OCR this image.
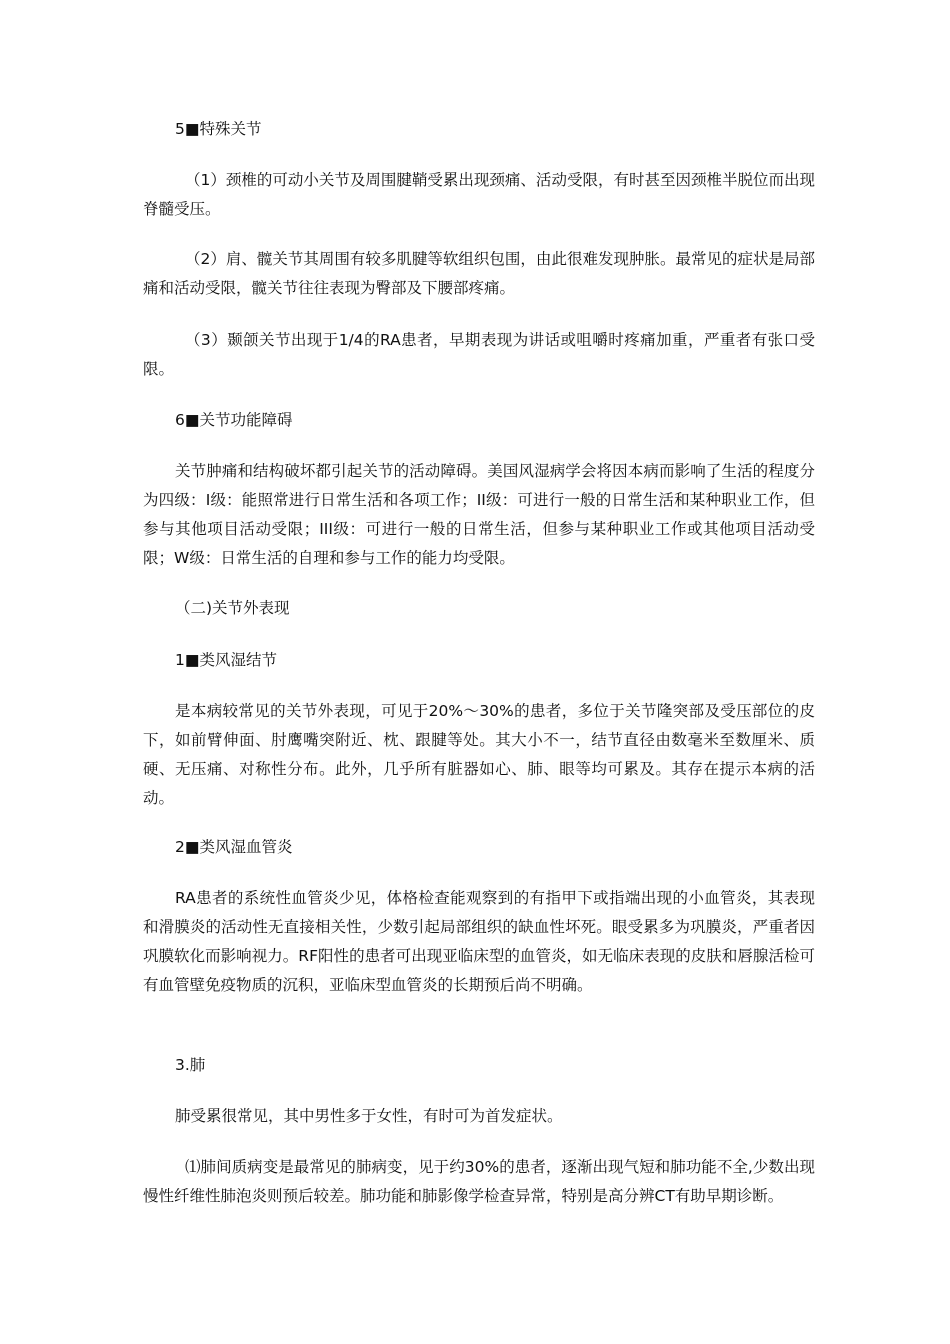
5■特殊关节

（1）颈椎的可动小关节及周围腱鞘受累出现颈痛、活动受限，有时甚至因颈椎半脱位而出现脊髓受压。

（2）肩、髋关节其周围有较多肌腱等软组织包围，由此很难发现肿胀。最常见的症状是局部痛和活动受限，髋关节往往表现为臀部及下腰部疼痛。

（3）颞颌关节出现于1/4的RA患者，早期表现为讲话或咀嚼时疼痛加重，严重者有张口受限。

6■关节功能障碍

关节肿痛和结构破坏都引起关节的活动障碍。美国风湿病学会将因本病而影响了生活的程度分为四级：I级：能照常进行日常生活和各项工作；II级：可进行一般的日常生活和某种职业工作，但参与其他项目活动受限；III级：可进行一般的日常生活，但参与某种职业工作或其他项目活动受限；W级：日常生活的自理和参与工作的能力均受限。

（二)关节外表现

1■类风湿结节

是本病较常见的关节外表现，可见于20%〜30%的患者，多位于关节隆突部及受压部位的皮下，如前臂伸面、肘鹰嘴突附近、枕、跟腱等处。其大小不一，结节直径由数毫米至数厘米、质硬、无压痛、对称性分布。此外，几乎所有脏器如心、肺、眼等均可累及。其存在提示本病的活动。

2■类风湿血管炎

RA患者的系统性血管炎少见，体格检查能观察到的有指甲下或指端出现的小血管炎，其表现和滑膜炎的活动性无直接相关性，少数引起局部组织的缺血性坏死。眼受累多为巩膜炎，严重者因巩膜软化而影响视力。RF阳性的患者可出现亚临床型的血管炎，如无临床表现的皮肤和唇腺活检可有血管壁免疫物质的沉积，亚临床型血管炎的长期预后尚不明确。

3.肺

肺受累很常见，其中男性多于女性，有时可为首发症状。

⑴肺间质病变是最常见的肺病变，见于约30%的患者，逐渐出现气短和肺功能不全,少数出现慢性纤维性肺泡炎则预后较差。肺功能和肺影像学检查异常，特别是高分辨CT有助早期诊断。
